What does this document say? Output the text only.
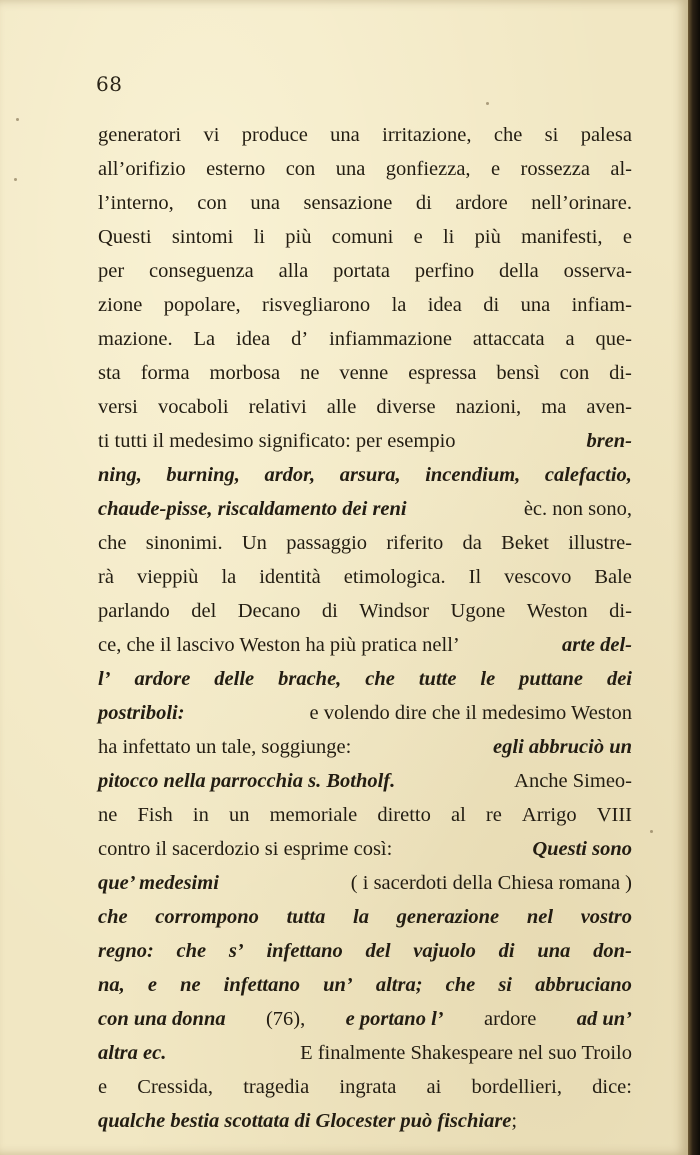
68
generatori vi produce una irritazione, che si palesa
all’orifizio esterno con una gonfiezza, e rossezza al-
l’interno, con una sensazione di ardore nell’orinare.
Questi sintomi li più comuni e li più manifesti, e
per conseguenza alla portata perfino della osserva-
zione popolare, risvegliarono la idea di una infiam-
mazione. La idea d’ infiammazione attaccata a que-
sta forma morbosa ne venne espressa bensì con di-
versi vocaboli relativi alle diverse nazioni, ma aven-
ti tutti il medesimo significato: per esempio	bren-
ning, burning, ardor, arsura, incendium, calefactio,
chaude-pisse, riscaldamento dei reni	èc. non sono,
che sinonimi. Un passaggio riferito da Beket illustre-
rà vieppiù la identità etimologica. Il vescovo Bale
parlando del Decano di Windsor Ugone Weston di-
ce, che il lascivo Weston ha più pratica nell’	arte del-
l’ ardore delle brache, che tutte le puttane dei
postriboli:	e volendo dire che il medesimo Weston
ha infettato un tale, soggiunge:	egli abbruciò un
pitocco nella parrocchia s. Botholf.	Anche Simeo-
ne Fish in un memoriale diretto al re Arrigo VIII
contro il sacerdozio si esprime così:	Questi sono
que’ medesimi	( i sacerdoti della Chiesa romana )
che corrompono tutta la generazione nel vostro
regno: che s’ infettano del vajuolo di una don-
na, e ne infettano un’ altra; che si abbruciano
con una donna (76), e portano l’ ardore ad un’
altra ec.	E finalmente Shakespeare nel suo Troilo
e Cressida, tragedia ingrata ai bordellieri, dice:
qualche bestia scottata di Glocester può fischiare ;
